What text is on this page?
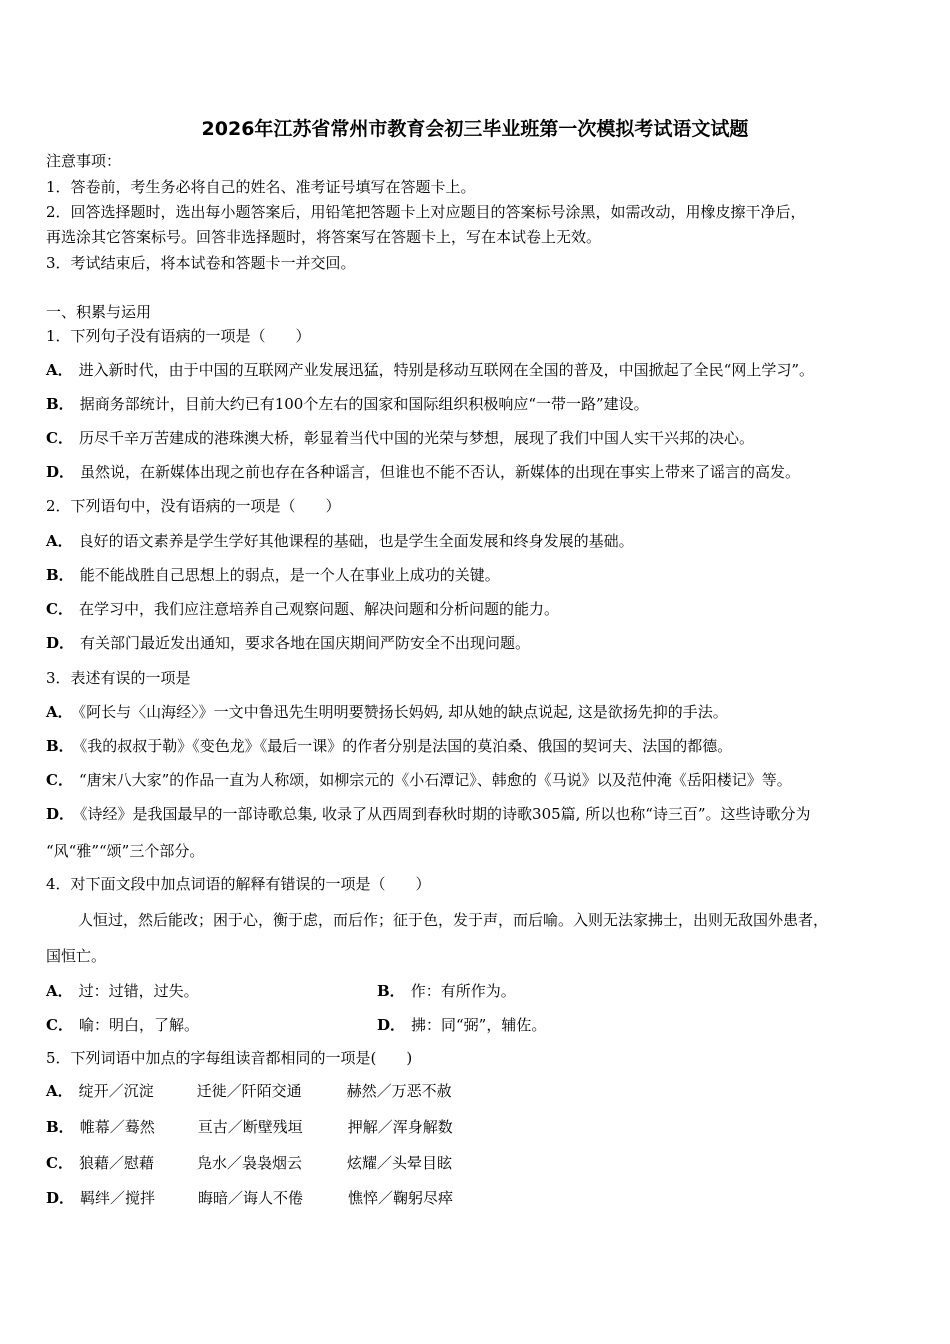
2026年江苏省常州市教育会初三毕业班第一次模拟考试语文试题
注意事项：
1．答卷前，考生务必将自己的姓名、准考证号填写在答题卡上。
2．回答选择题时，选出每小题答案后，用铅笔把答题卡上对应题目的答案标号涂黑，如需改动，用橡皮擦干净后，
再选涂其它答案标号。回答非选择题时，将答案写在答题卡上，写在本试卷上无效。
3．考试结束后，将本试卷和答题卡一并交回。
一、积累与运用
1．下列句子没有语病的一项是（　　）
A． 进入新时代，由于中国的互联网产业发展迅猛，特别是移动互联网在全国的普及，中国掀起了全民“网上学习”。
B． 据商务部统计，目前大约已有100个左右的国家和国际组织积极响应“一带一路”建设。
C． 历尽千辛万苦建成的港珠澳大桥，彰显着当代中国的光荣与梦想，展现了我们中国人实干兴邦的决心。
D． 虽然说，在新媒体出现之前也存在各种谣言，但谁也不能不否认，新媒体的出现在事实上带来了谣言的高发。
2．下列语句中，没有语病的一项是（　　）
A． 良好的语文素养是学生学好其他课程的基础，也是学生全面发展和终身发展的基础。
B． 能不能战胜自己思想上的弱点，是一个人在事业上成功的关键。
C． 在学习中，我们应注意培养自己观察问题、解决问题和分析问题的能力。
D． 有关部门最近发出通知，要求各地在国庆期间严防安全不出现问题。
3．表述有误的一项是
A． 《阿长与〈山海经〉》一文中鲁迅先生明明要赞扬长妈妈, 却从她的缺点说起, 这是欲扬先抑的手法。
B． 《我的叔叔于勒》《变色龙》《最后一课》的作者分别是法国的莫泊桑、俄国的契诃夫、法国的都德。
C． “唐宋八大家”的作品一直为人称颂，如柳宗元的《小石潭记》、韩愈的《马说》以及范仲淹《岳阳楼记》等。
D． 《诗经》是我国最早的一部诗歌总集, 收录了从西周到春秋时期的诗歌305篇, 所以也称“诗三百”。这些诗歌分为
“风“雅”“颂”三个部分。
4．对下面文段中加点词语的解释有错误的一项是（　　）
人恒过，然后能改；困于心，衡于虑，而后作；征于色，发于声，而后喻。入则无法家拂士，出则无敌国外患者，
国恒亡。
A． 过：过错，过失。	B． 作：有所作为。
C． 喻：明白，了解。	D． 拂：同“弼”，辅佐。
5．下列词语中加点的字每组读音都相同的一项是(　　)
A． 绽开／沉淀	迁徙／阡陌交通	赫然／万恶不赦
B． 帷幕／蓦然	亘古／断壁残垣	押解／浑身解数
C． 狼藉／慰藉	凫水／袅袅烟云	炫耀／头晕目眩
D． 羁绊／搅拌	晦暗／诲人不倦	憔悴／鞠躬尽瘁
